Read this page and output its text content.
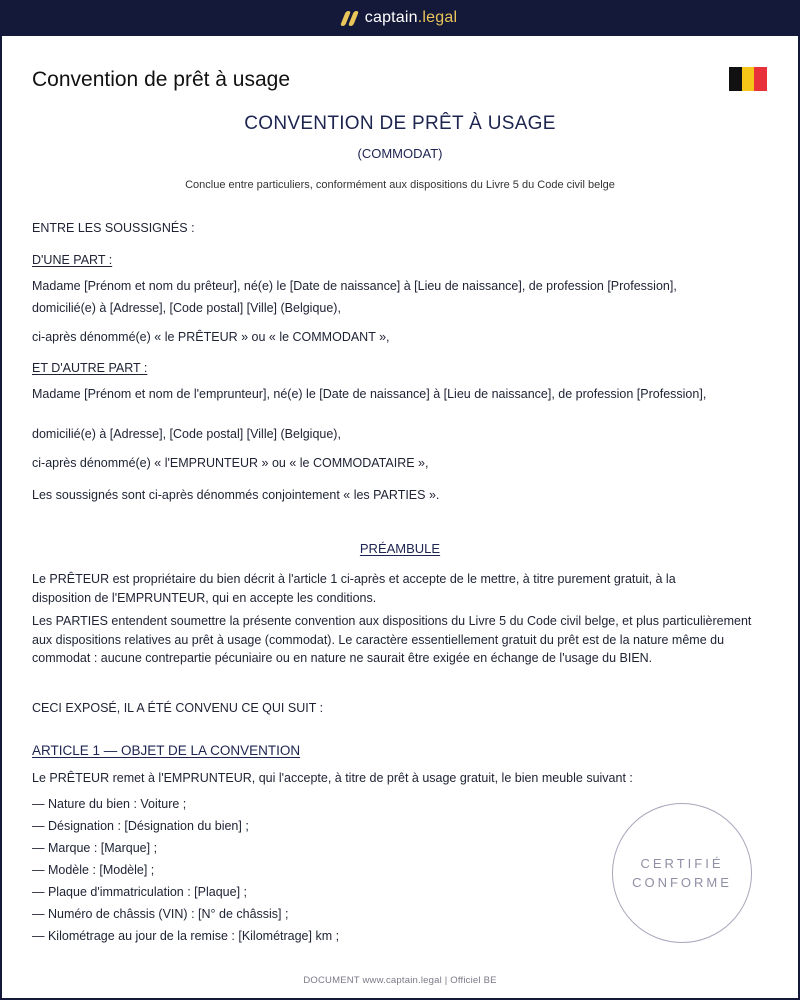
captain.legal
Convention de prêt à usage
CONVENTION DE PRÊT À USAGE
(COMMODAT)
Conclue entre particuliers, conformément aux dispositions du Livre 5 du Code civil belge
ENTRE LES SOUSSIGNÉS :
D'UNE PART :
Madame [Prénom et nom du prêteur], né(e) le [Date de naissance] à [Lieu de naissance], de profession [Profession],
domicilié(e) à [Adresse], [Code postal] [Ville] (Belgique),
ci-après dénommé(e) « le PRÊTEUR » ou « le COMMODANT »,
ET D'AUTRE PART :
Madame [Prénom et nom de l'emprunteur], né(e) le [Date de naissance] à [Lieu de naissance], de profession [Profession],
domicilié(e) à [Adresse], [Code postal] [Ville] (Belgique),
ci-après dénommé(e) « l'EMPRUNTEUR » ou « le COMMODATAIRE »,
Les soussignés sont ci-après dénommés conjointement « les PARTIES ».
PRÉAMBULE
Le PRÊTEUR est propriétaire du bien décrit à l'article 1 ci-après et accepte de le mettre, à titre purement gratuit, à la disposition de l'EMPRUNTEUR, qui en accepte les conditions.
Les PARTIES entendent soumettre la présente convention aux dispositions du Livre 5 du Code civil belge, et plus particulièrement aux dispositions relatives au prêt à usage (commodat). Le caractère essentiellement gratuit du prêt est de la nature même du commodat : aucune contrepartie pécuniaire ou en nature ne saurait être exigée en échange de l'usage du BIEN.
CECI EXPOSÉ, IL A ÉTÉ CONVENU CE QUI SUIT :
ARTICLE 1 — OBJET DE LA CONVENTION
Le PRÊTEUR remet à l'EMPRUNTEUR, qui l'accepte, à titre de prêt à usage gratuit, le bien meuble suivant :
— Nature du bien : Voiture ;
— Désignation : [Désignation du bien] ;
— Marque : [Marque] ;
— Modèle : [Modèle] ;
— Plaque d'immatriculation : [Plaque] ;
— Numéro de châssis (VIN) : [N° de châssis] ;
— Kilométrage au jour de la remise : [Kilométrage] km ;
CERTIFIÉ
CONFORME
DOCUMENT www.captain.legal | Officiel BE
